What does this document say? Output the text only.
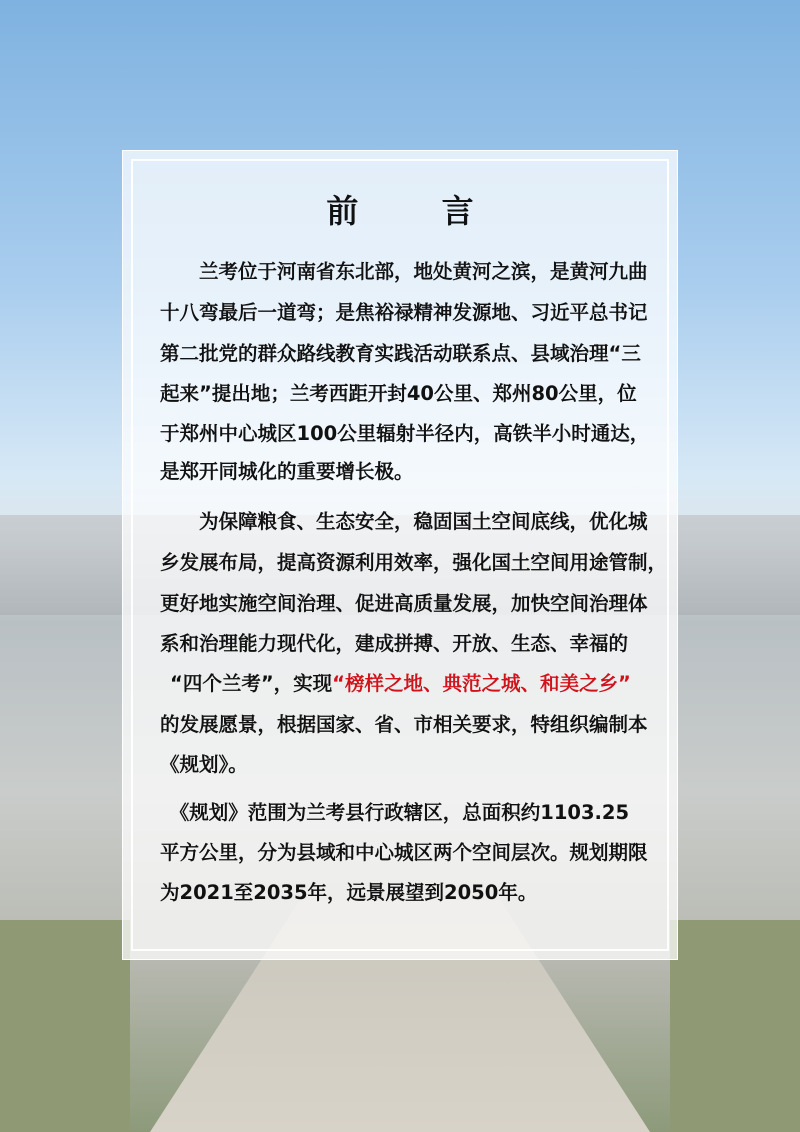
前 言
　　兰考位于河南省东北部，地处黄河之滨，是黄河九曲
十八弯最后一道弯；是焦裕禄精神发源地、习近平总书记
第二批党的群众路线教育实践活动联系点、县域治理“三
起来”提出地；兰考西距开封40公里、郑州80公里，位
于郑州中心城区100公里辐射半径内，高铁半小时通达，
是郑开同城化的重要增长极。
　　为保障粮食、生态安全，稳固国土空间底线，优化城
乡发展布局，提高资源利用效率，强化国土空间用途管制，
更好地实施空间治理、促进高质量发展，加快空间治理体
系和治理能力现代化，建成拼搏、开放、生态、幸福的
“四个兰考”，实现“榜样之地、典范之城、和美之乡”
的发展愿景，根据国家、省、市相关要求，特组织编制本
《规划》。
　《规划》范围为兰考县行政辖区，总面积约1103.25
平方公里，分为县域和中心城区两个空间层次。规划期限
为2021至2035年，远景展望到2050年。
